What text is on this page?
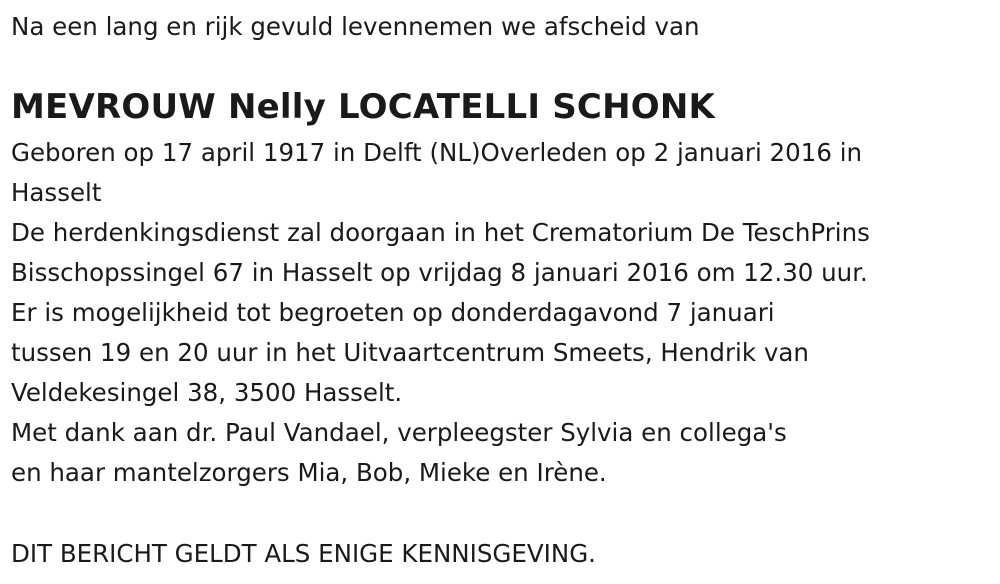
Na een lang en rijk gevuld levennemen we afscheid van

MEVROUW Nelly LOCATELLI SCHONK

Geboren op 17 april 1917 in Delft (NL)Overleden op 2 januari 2016 in

Hasselt

De herdenkingsdienst zal doorgaan in het Crematorium De TeschPrins

Bisschopssingel 67 in Hasselt op vrijdag 8 januari 2016 om 12.30 uur.

Er is mogelijkheid tot begroeten op donderdagavond 7 januari

tussen 19 en 20 uur in het Uitvaartcentrum Smeets, Hendrik van

Veldekesingel 38, 3500 Hasselt.

Met dank aan dr. Paul Vandael, verpleegster Sylvia en collega's

en haar mantelzorgers Mia, Bob, Mieke en Irène.

DIT BERICHT GELDT ALS ENIGE KENNISGEVING.
